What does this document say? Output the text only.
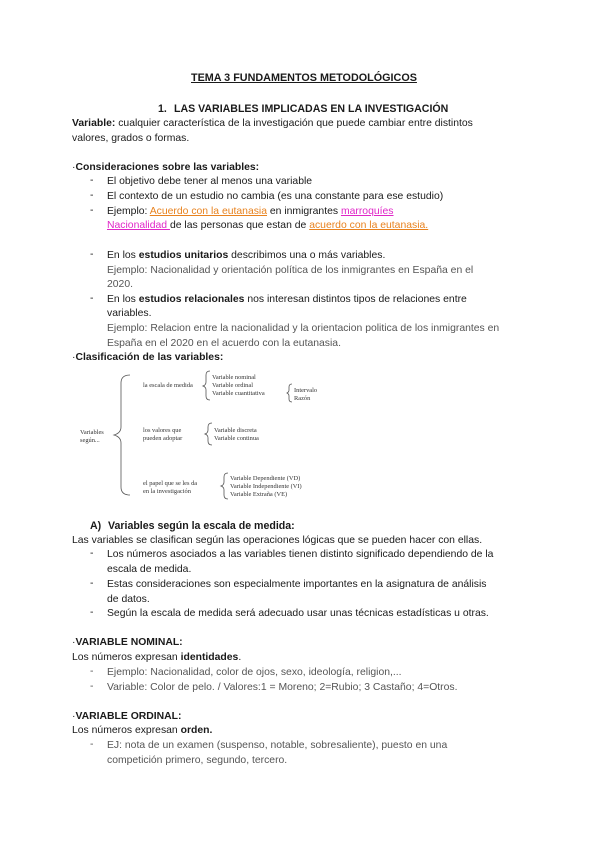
TEMA 3 FUNDAMENTOS METODOLÓGICOS
1. LAS VARIABLES IMPLICADAS EN LA INVESTIGACIÓN
Variable: cualquier característica de la investigación que puede cambiar entre distintos
valores, grados o formas.
·Consideraciones sobre las variables:
- El objetivo debe tener al menos una variable
- El contexto de un estudio no cambia (es una constante para ese estudio)
- Ejemplo: Acuerdo con la eutanasia en inmigrantes marroquíes
Nacionalidad de las personas que estan de acuerdo con la eutanasia.
- En los estudios unitarios describimos una o más variables.
Ejemplo: Nacionalidad y orientación política de los inmigrantes en España en el
2020.
- En los estudios relacionales nos interesan distintos tipos de relaciones entre
variables.
Ejemplo: Relacion entre la nacionalidad y la orientacion politica de los inmigrantes en
España en el 2020 en el acuerdo con la eutanasia.
·Clasificación de las variables:
Variables
según...
la escala de medida
Variable nominal
Variable ordinal
Variable cuantitativa	Intervalo
Razón
los valores que
pueden adoptar
Variable discreta
Variable continua
el papel que se les da
en la investigación
Variable Dependiente (VD)
Variable Independiente (VI)
Variable Extraña (VE)
A) Variables según la escala de medida:
Las variables se clasifican según las operaciones lógicas que se pueden hacer con ellas.
- Los números asociados a las variables tienen distinto significado dependiendo de la
escala de medida.
- Estas consideraciones son especialmente importantes en la asignatura de análisis
de datos.
- Según la escala de medida será adecuado usar unas técnicas estadísticas u otras.
·VARIABLE NOMINAL:
Los números expresan identidades.
- Ejemplo: Nacionalidad, color de ojos, sexo, ideología, religion,...
- Variable: Color de pelo. / Valores:1 = Moreno; 2=Rubio; 3 Castaño; 4=Otros.
·VARIABLE ORDINAL:
Los números expresan orden.
- EJ: nota de un examen (suspenso, notable, sobresaliente), puesto en una
competición primero, segundo, tercero.
